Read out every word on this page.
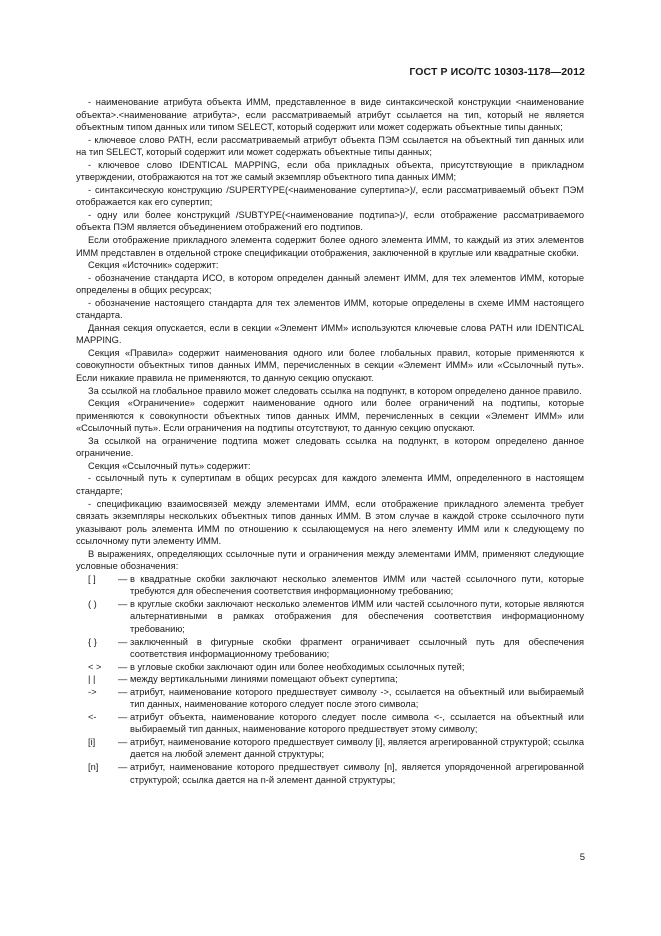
ГОСТ Р ИСО/ТС 10303-1178—2012

- наименование атрибута объекта ИММ, представленное в виде синтаксической конструкции <наименование объекта>.<наименование атрибута>, если рассматриваемый атрибут ссылается на тип, который не является объектным типом данных или типом SELECT, который содержит или может содержать объектные типы данных;

- ключевое слово PATH, если рассматриваемый атрибут объекта ПЭМ ссылается на объектный тип данных или на тип SELECT, который содержит или может содержать объектные типы данных;

- ключевое слово IDENTICAL MAPPING, если оба прикладных объекта, присутствующие в прикладном утверждении, отображаются на тот же самый экземпляр объектного типа данных ИММ;

- синтаксическую конструкцию /SUPERTYPE(<наименование супертипа>)/, если рассматриваемый объект ПЭМ отображается как его супертип;

- одну или более конструкций /SUBTYPE(<наименование подтипа>)/, если отображение рассматриваемого объекта ПЭМ является объединением отображений его подтипов.

Если отображение прикладного элемента содержит более одного элемента ИММ, то каждый из этих элементов ИММ представлен в отдельной строке спецификации отображения, заключенной в круглые или квадратные скобки.

Секция «Источник» содержит:

- обозначение стандарта ИСО, в котором определен данный элемент ИММ, для тех элементов ИММ, которые определены в общих ресурсах;

- обозначение настоящего стандарта для тех элементов ИММ, которые определены в схеме ИММ настоящего стандарта.

Данная секция опускается, если в секции «Элемент ИММ» используются ключевые слова PATH или IDENTICAL MAPPING.

Секция «Правила» содержит наименования одного или более глобальных правил, которые применяются к совокупности объектных типов данных ИММ, перечисленных в секции «Элемент ИММ» или «Ссылочный путь». Если никакие правила не применяются, то данную секцию опускают.

За ссылкой на глобальное правило может следовать ссылка на подпункт, в котором определено данное правило.

Секция «Ограничение» содержит наименование одного или более ограничений на подтипы, которые применяются к совокупности объектных типов данных ИММ, перечисленных в секции «Элемент ИММ» или «Ссылочный путь». Если ограничения на подтипы отсутствуют, то данную секцию опускают.

За ссылкой на ограничение подтипа может следовать ссылка на подпункт, в котором определено данное ограничение.

Секция «Ссылочный путь» содержит:

- ссылочный путь к супертипам в общих ресурсах для каждого элемента ИММ, определенного в настоящем стандарте;

- спецификацию взаимосвязей между элементами ИММ, если отображение прикладного элемента требует связать экземпляры нескольких объектных типов данных ИММ. В этом случае в каждой строке ссылочного пути указывают роль элемента ИММ по отношению к ссылающемуся на него элементу ИММ или к следующему по ссылочному пути элементу ИММ.

В выражениях, определяющих ссылочные пути и ограничения между элементами ИММ, применяют следующие условные обозначения:

[ ]	— в квадратные скобки заключают несколько элементов ИММ или частей ссылочного пути, которые требуются для обеспечения соответствия информационному требованию;
( )	— в круглые скобки заключают несколько элементов ИММ или частей ссылочного пути, которые являются альтернативными в рамках отображения для обеспечения соответствия информационному требованию;
{ }	— заключенный в фигурные скобки фрагмент ограничивает ссылочный путь для обеспечения соответствия информационному требованию;
< >	— в угловые скобки заключают один или более необходимых ссылочных путей;
| |	— между вертикальными линиями помещают объект супертипа;
->	— атрибут, наименование которого предшествует символу ->, ссылается на объектный или выбираемый тип данных, наименование которого следует после этого символа;
<-	— атрибут объекта, наименование которого следует после символа <-, ссылается на объектный или выбираемый тип данных, наименование которого предшествует этому символу;
[i]	— атрибут, наименование которого предшествует символу [i], является агрегированной структурой; ссылка дается на любой элемент данной структуры;
[n]	— атрибут, наименование которого предшествует символу [n], является упорядоченной агрегированной структурой; ссылка дается на n-й элемент данной структуры;
5
